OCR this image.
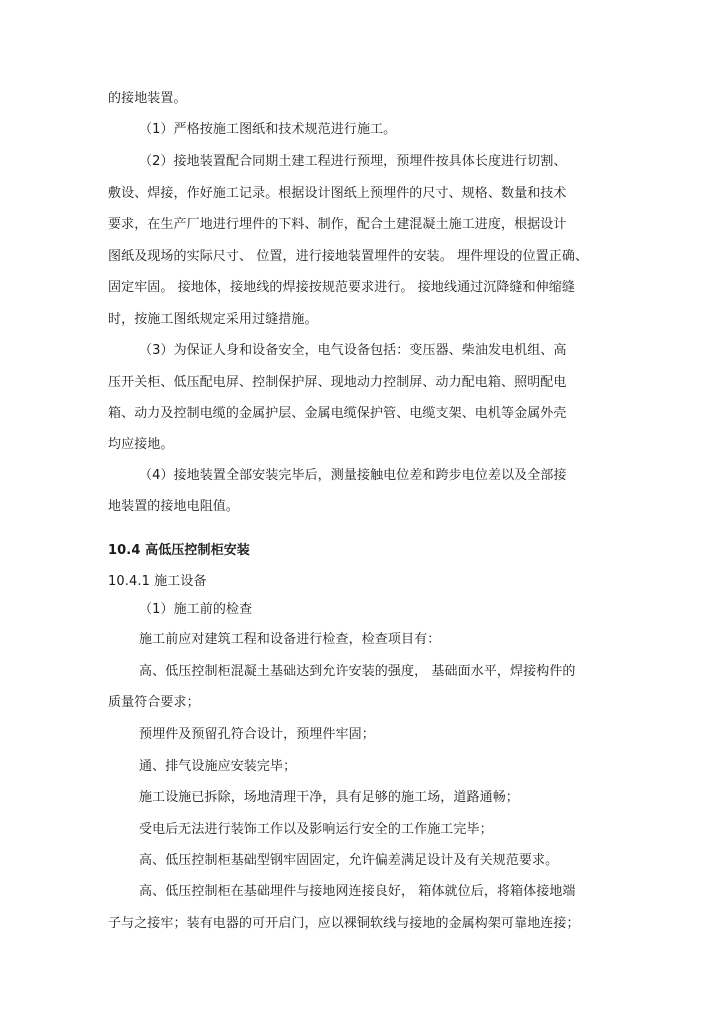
的接地装置。
（1）严格按施工图纸和技术规范进行施工。
（2）接地装置配合同期土建工程进行预埋，预埋件按具体长度进行切割、
敷设、焊接，作好施工记录。根据设计图纸上预埋件的尺寸、规格、数量和技术
要求，在生产厂地进行埋件的下料、制作，配合土建混凝土施工进度，根据设计
图纸及现场的实际尺寸、 位置，进行接地装置埋件的安装。 埋件埋设的位置正确、
固定牢固。 接地体，接地线的焊接按规范要求进行。 接地线通过沉降缝和伸缩缝
时，按施工图纸规定采用过缝措施。
（3）为保证人身和设备安全，电气设备包括：变压器、柴油发电机组、高
压开关柜、低压配电屏、控制保护屏、现地动力控制屏、动力配电箱、照明配电
箱、动力及控制电缆的金属护层、金属电缆保护管、电缆支架、电机等金属外壳
均应接地。
（4）接地装置全部安装完毕后，测量接触电位差和跨步电位差以及全部接
地装置的接地电阻值。
10.4 高低压控制柜安装
10.4.1 施工设备
（1）施工前的检查
施工前应对建筑工程和设备进行检查，检查项目有：
高、低压控制柜混凝土基础达到允许安装的强度， 基础面水平，焊接构件的
质量符合要求；
预埋件及预留孔符合设计，预埋件牢固；
通、排气设施应安装完毕；
施工设施已拆除，场地清理干净，具有足够的施工场，道路通畅；
受电后无法进行装饰工作以及影响运行安全的工作施工完毕；
高、低压控制柜基础型钢牢固固定，允许偏差满足设计及有关规范要求。
高、低压控制柜在基础埋件与接地网连接良好， 箱体就位后，将箱体接地端
子与之接牢；装有电器的可开启门，应以裸铜软线与接地的金属构架可靠地连接；
